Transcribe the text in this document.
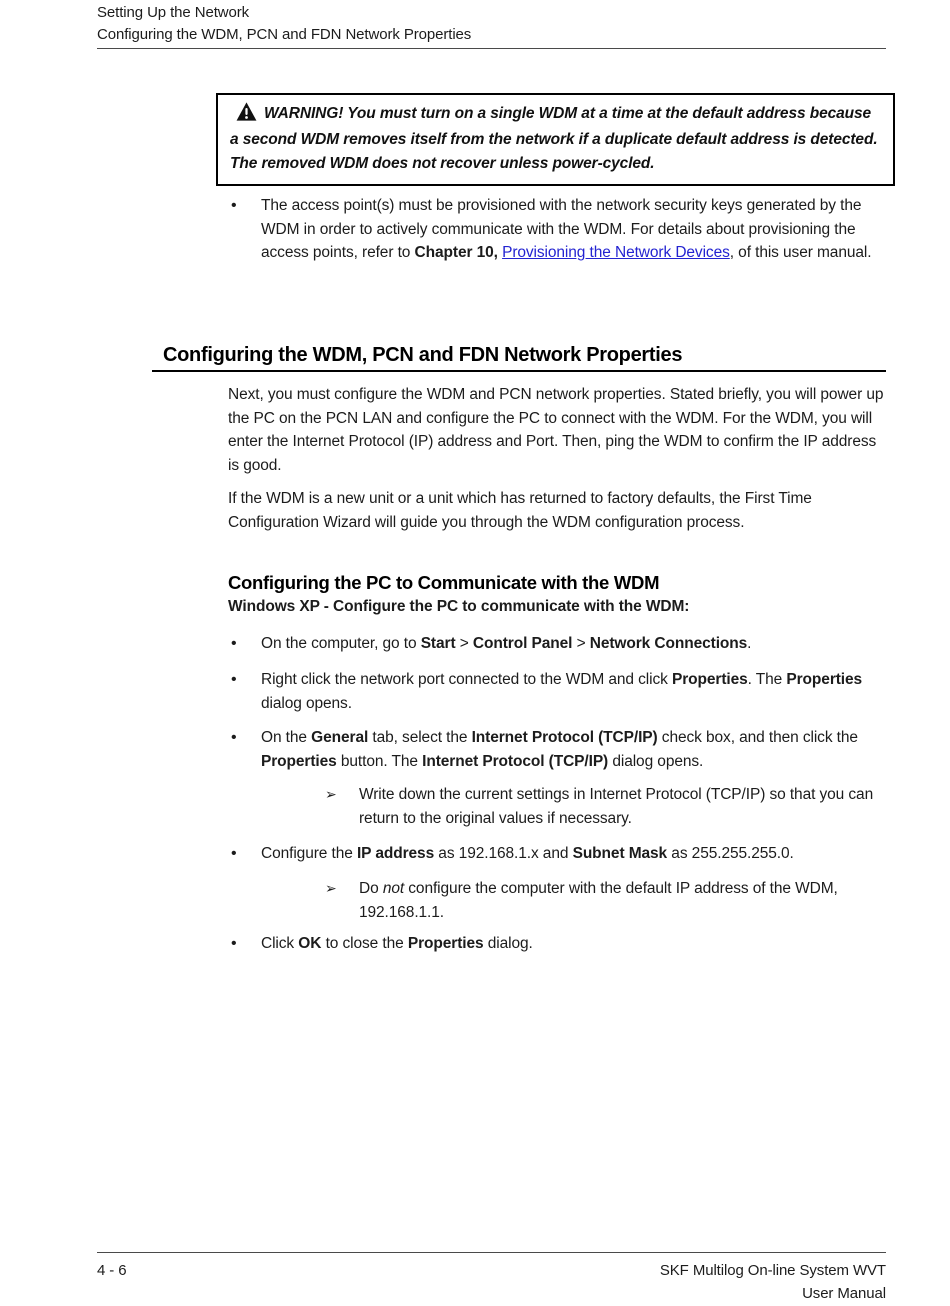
Setting Up the Network
Configuring the WDM, PCN and FDN Network Properties
WARNING! You must turn on a single WDM at a time at the default address because a second WDM removes itself from the network if a duplicate default address is detected. The removed WDM does not recover unless power-cycled.

• The access point(s) must be provisioned with the network security keys generated by the WDM in order to actively communicate with the WDM. For details about provisioning the access points, refer to Chapter 10, Provisioning the Network Devices, of this user manual.

Configuring the WDM, PCN and FDN Network Properties

Next, you must configure the WDM and PCN network properties. Stated briefly, you will power up the PC on the PCN LAN and configure the PC to connect with the WDM. For the WDM, you will enter the Internet Protocol (IP) address and Port. Then, ping the WDM to confirm the IP address is good.

If the WDM is a new unit or a unit which has returned to factory defaults, the First Time Configuration Wizard will guide you through the WDM configuration process.

Configuring the PC to Communicate with the WDM

Windows XP - Configure the PC to communicate with the WDM:

• On the computer, go to Start > Control Panel > Network Connections.

• Right click the network port connected to the WDM and click Properties. The Properties dialog opens.

• On the General tab, select the Internet Protocol (TCP/IP) check box, and then click the Properties button. The Internet Protocol (TCP/IP) dialog opens.

➢ Write down the current settings in Internet Protocol (TCP/IP) so that you can return to the original values if necessary.

• Configure the IP address as 192.168.1.x and Subnet Mask as 255.255.255.0.

➢ Do not configure the computer with the default IP address of the WDM, 192.168.1.1.

• Click OK to close the Properties dialog.

4 - 6	SKF Multilog On-line System WVT
User Manual
